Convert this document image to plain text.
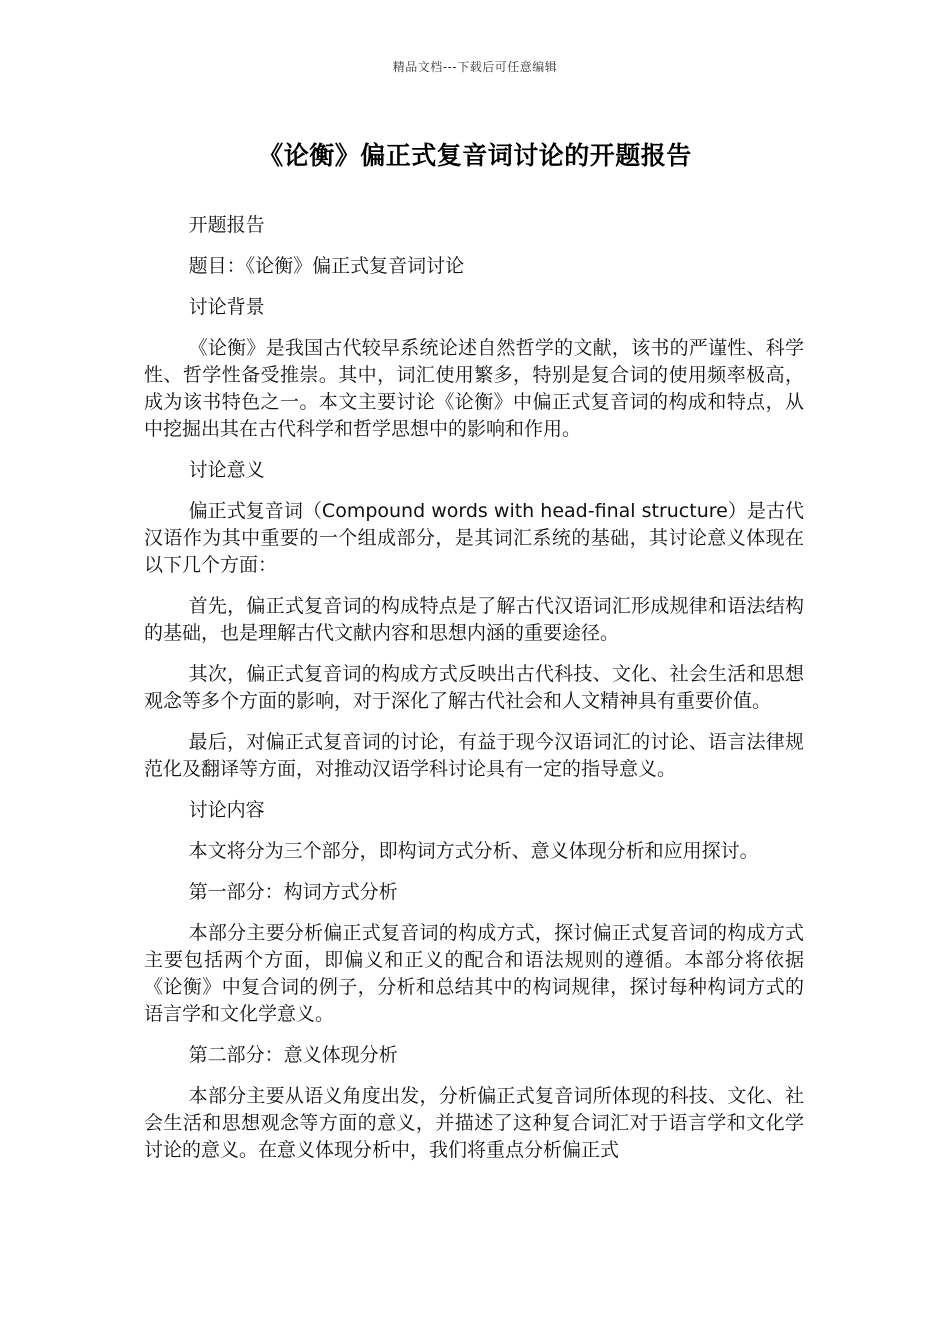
精品文档---下载后可任意编辑
《论衡》偏正式复音词讨论的开题报告

开题报告

题目：《论衡》偏正式复音词讨论

讨论背景

《论衡》是我国古代较早系统论述自然哲学的文献，该书的严谨性、科学性、哲学性备受推崇。其中，词汇使用繁多，特别是复合词的使用频率极高，成为该书特色之一。本文主要讨论《论衡》中偏正式复音词的构成和特点，从中挖掘出其在古代科学和哲学思想中的影响和作用。

讨论意义

偏正式复音词（Compound words with head-final structure）是古代汉语作为其中重要的一个组成部分，是其词汇系统的基础，其讨论意义体现在以下几个方面：

首先，偏正式复音词的构成特点是了解古代汉语词汇形成规律和语法结构的基础，也是理解古代文献内容和思想内涵的重要途径。

其次，偏正式复音词的构成方式反映出古代科技、文化、社会生活和思想观念等多个方面的影响，对于深化了解古代社会和人文精神具有重要价值。

最后，对偏正式复音词的讨论，有益于现今汉语词汇的讨论、语言法律规范化及翻译等方面，对推动汉语学科讨论具有一定的指导意义。

讨论内容

本文将分为三个部分，即构词方式分析、意义体现分析和应用探讨。

第一部分：构词方式分析

本部分主要分析偏正式复音词的构成方式，探讨偏正式复音词的构成方式主要包括两个方面，即偏义和正义的配合和语法规则的遵循。本部分将依据《论衡》中复合词的例子，分析和总结其中的构词规律，探讨每种构词方式的语言学和文化学意义。

第二部分：意义体现分析

本部分主要从语义角度出发，分析偏正式复音词所体现的科技、文化、社会生活和思想观念等方面的意义，并描述了这种复合词汇对于语言学和文化学讨论的意义。在意义体现分析中，我们将重点分析偏正式
